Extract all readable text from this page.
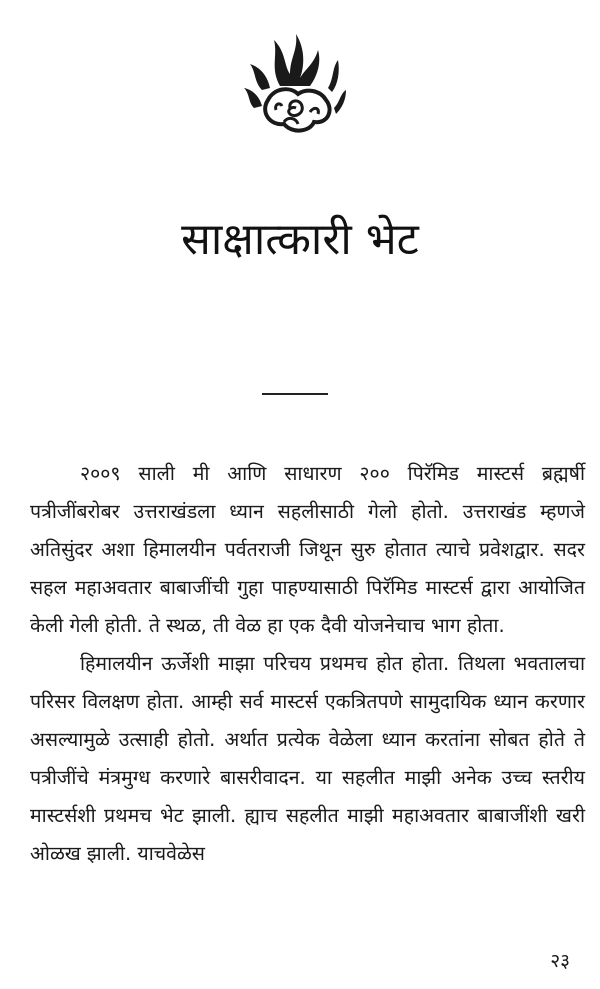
साक्षात्कारी भेट

२००९ साली मी आणि साधारण २०० पिरॅमिड मास्टर्स ब्रह्मर्षी पत्रीजींबरोबर उत्तराखंडला ध्यान सहलीसाठी गेलो होतो. उत्तराखंड म्हणजे अतिसुंदर अशा हिमालयीन पर्वतराजी जिथून सुरु होतात त्याचे प्रवेशद्वार. सदर सहल महाअवतार बाबाजींची गुहा पाहण्यासाठी पिरॅमिड मास्टर्स द्वारा आयोजित केली गेली होती. ते स्थळ, ती वेळ हा एक दैवी योजनेचाच भाग होता.

हिमालयीन ऊर्जेशी माझा परिचय प्रथमच होत होता. तिथला भवतालचा परिसर विलक्षण होता. आम्ही सर्व मास्टर्स एकत्रितपणे सामुदायिक ध्यान करणार असल्यामुळे उत्साही होतो. अर्थात प्रत्येक वेळेला ध्यान करतांना सोबत होते ते पत्रीजींचे मंत्रमुग्ध करणारे बासरीवादन. या सहलीत माझी अनेक उच्च स्तरीय मास्टर्सशी प्रथमच भेट झाली. ह्याच सहलीत माझी महाअवतार बाबाजींशी खरी ओळख झाली. याचवेळेस

२३
